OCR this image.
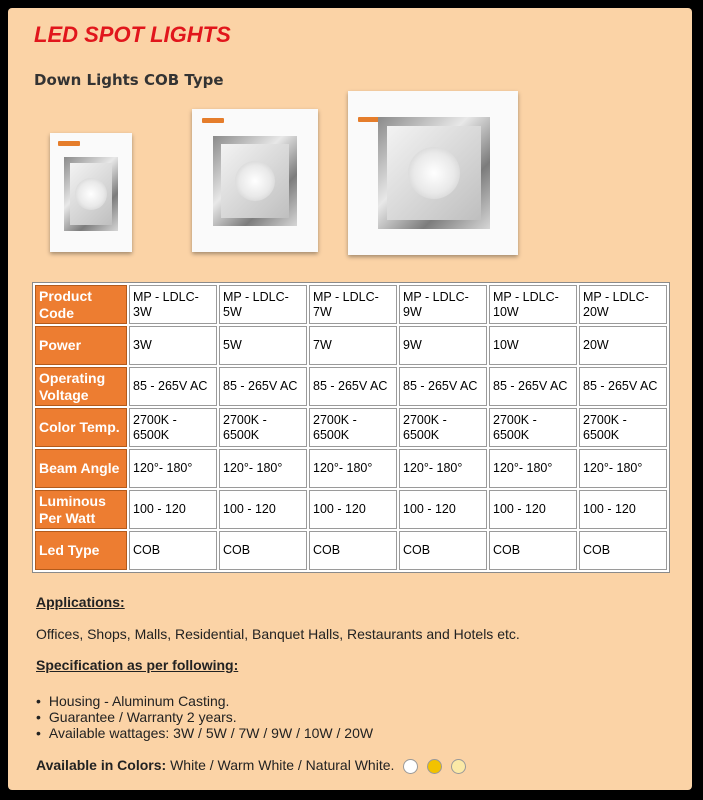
LED SPOT LIGHTS
Down Lights COB Type
Product Code	MP - LDLC-3W	MP - LDLC-5W	MP - LDLC-7W	MP - LDLC-9W	MP - LDLC-10W	MP - LDLC-20W
Power	3W	5W	7W	9W	10W	20W
Operating Voltage	85 - 265V AC	85 - 265V AC	85 - 265V AC	85 - 265V AC	85 - 265V AC	85 - 265V AC
Color Temp.	2700K - 6500K	2700K - 6500K	2700K - 6500K	2700K - 6500K	2700K - 6500K	2700K - 6500K
Beam Angle	120°- 180°	120°- 180°	120°- 180°	120°- 180°	120°- 180°	120°- 180°
Luminous Per Watt	100 - 120	100 - 120	100 - 120	100 - 120	100 - 120	100 - 120
Led Type	COB	COB	COB	COB	COB	COB

Applications:

Offices, Shops, Malls, Residential, Banquet Halls, Restaurants and Hotels etc.

Specification as per following:

• Housing - Aluminum Casting.
• Guarantee / Warranty 2 years.
• Available wattages: 3W / 5W / 7W / 9W / 10W / 20W
Available in Colors: White / Warm White / Natural White.
